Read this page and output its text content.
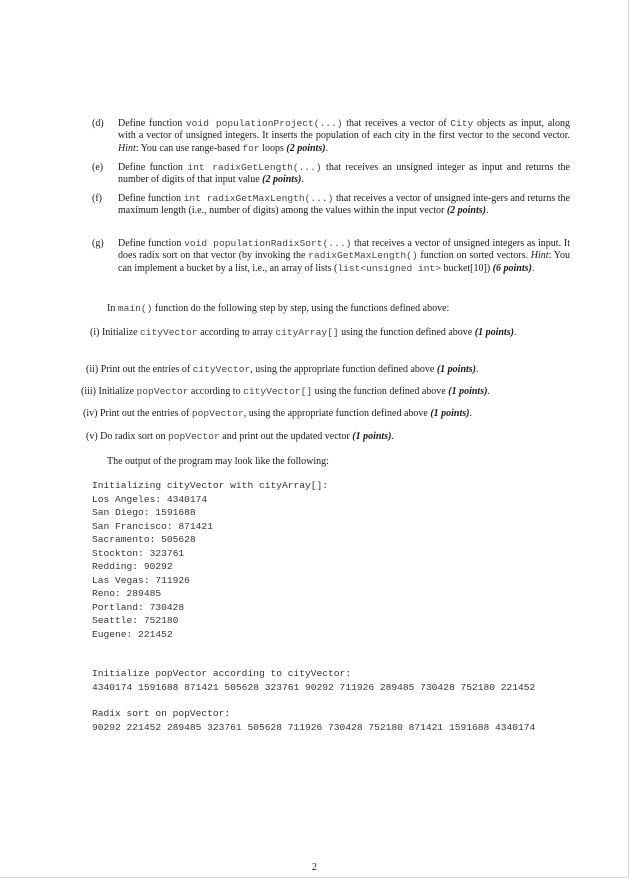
(d) Define function void populationProject(...) that receives a vector of City objects as input, along with a vector of unsigned integers. It inserts the population of each city in the first vector to the second vector. Hint: You can use range-based for loops (2 points).
(e) Define function int radixGetLength(...) that receives an unsigned integer as input and returns the number of digits of that input value (2 points).
(f) Define function int radixGetMaxLength(...) that receives a vector of unsigned inte-gers and returns the maximum length (i.e., number of digits) among the values within the input vector (2 points).
(g) Define function void populationRadixSort(...) that receives a vector of unsigned integers as input. It does radix sort on that vector (by invoking the radixGetMaxLength() function on sorted vectors. Hint: You can implement a bucket by a list, i.e., an array of lists (list<unsigned int> bucket[10]) (6 points).
In main() function do the following step by step, using the functions defined above:
(i) Initialize cityVector according to array cityArray[] using the function defined above (1 points).
(ii) Print out the entries of cityVector, using the appropriate function defined above (1 points).
(iii) Initialize popVector according to cityVector[] using the function defined above (1 points).
(iv) Print out the entries of popVector, using the appropriate function defined above (1 points).
(v) Do radix sort on popVector and print out the updated vector (1 points).
The output of the program may look like the following:
Initializing cityVector with cityArray[]:
Los Angeles: 4340174
San Diego: 1591688
San Francisco: 871421
Sacramento: 505628
Stockton: 323761
Redding: 90292
Las Vegas: 711926
Reno: 289485
Portland: 730428
Seattle: 752180
Eugene: 221452
Initialize popVector according to cityVector:
4340174 1591688 871421 505628 323761 90292 711926 289485 730428 752180 221452
Radix sort on popVector:
90292 221452 289485 323761 505628 711926 730428 752180 871421 1591688 4340174
2
